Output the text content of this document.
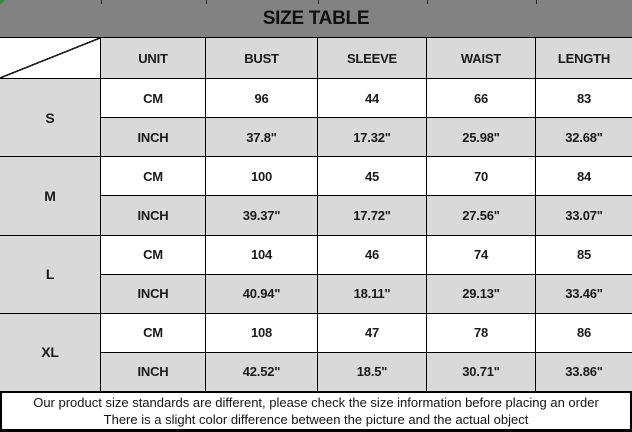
SIZE TABLE
UNIT	BUST	SLEEVE	WAIST	LENGTH
S
CM	96	44	66	83
INCH	37.8"	17.32"	25.98"	32.68"
M
CM	100	45	70	84
INCH	39.37"	17.72"	27.56"	33.07"
L
CM	104	46	74	85
INCH	40.94"	18.11"	29.13"	33.46"
XL
CM	108	47	78	86
INCH	42.52"	18.5"	30.71"	33.86"
Our product size standards are different, please check the size information before placing an order
There is a slight color difference between the picture and the actual object
